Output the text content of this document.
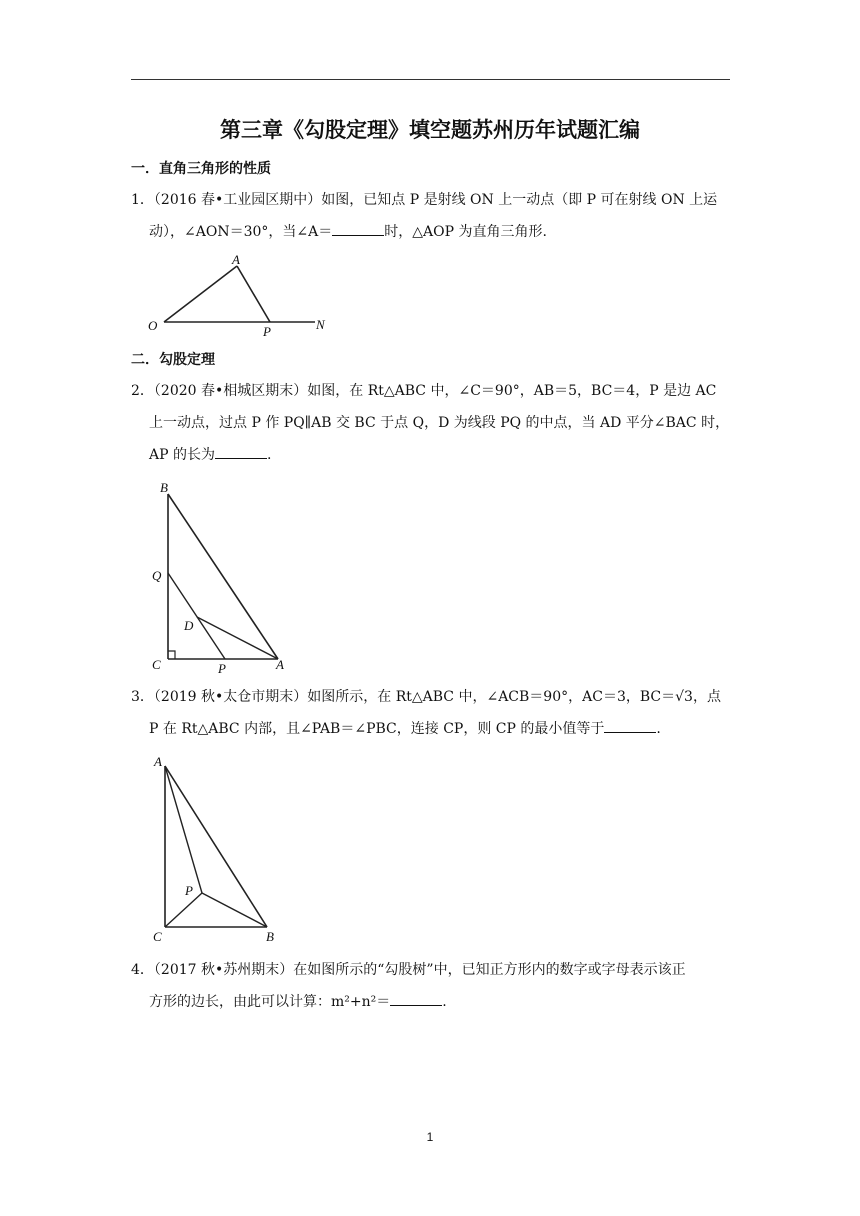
第三章《勾股定理》填空题苏州历年试题汇编
一．直角三角形的性质
1．（2016 春•工业园区期中）如图，已知点 P 是射线 ON 上一动点（即 P 可在射线 ON 上运
动），∠AON＝30°，当∠A＝	时，△AOP 为直角三角形.
A
O	P	N
二．勾股定理
2．（2020 春•相城区期末）如图，在 Rt△ABC 中，∠C＝90°，AB＝5，BC＝4，P 是边 AC
上一动点，过点 P 作 PQ∥AB 交 BC 于点 Q，D 为线段 PQ 的中点，当 AD 平分∠BAC 时，
AP 的长为	.
B
Q
D
C	P	A
3．（2019 秋•太仓市期末）如图所示，在 Rt△ABC 中，∠ACB＝90°，AC＝3，BC＝√3，点
P 在 Rt△ABC 内部，且∠PAB＝∠PBC，连接 CP，则 CP 的最小值等于	.
A
P
C	B
4．（2017 秋•苏州期末）在如图所示的“勾股树”中，已知正方形内的数字或字母表示该正
方形的边长，由此可以计算：m²+n²＝	.
1
